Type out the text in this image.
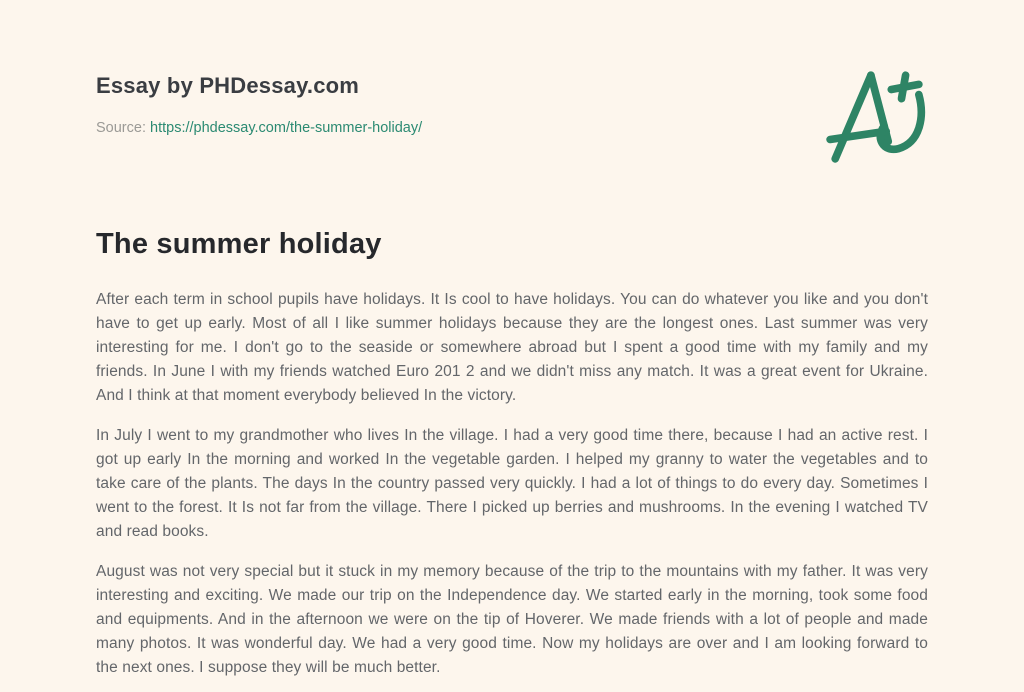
Essay by PHDessay.com

Source: https://phdessay.com/the-summer-holiday/

The summer holiday

After each term in school pupils have holidays. It Is cool to have holidays. You can do whatever you like and you don't have to get up early. Most of all I like summer holidays because they are the longest ones. Last summer was very interesting for me. I don't go to the seaside or somewhere abroad but I spent a good time with my family and my friends. In June I with my friends watched Euro 201 2 and we didn't miss any match. It was a great event for Ukraine. And I think at that moment everybody believed In the victory.

In July I went to my grandmother who lives In the village. I had a very good time there, because I had an active rest. I got up early In the morning and worked In the vegetable garden. I helped my granny to water the vegetables and to take care of the plants. The days In the country passed very quickly. I had a lot of things to do every day. Sometimes I went to the forest. It Is not far from the village. There I picked up berries and mushrooms. In the evening I watched TV and read books.

August was not very special but it stuck in my memory because of the trip to the mountains with my father. It was very interesting and exciting. We made our trip on the Independence day. We started early in the morning, took some food and equipments. And in the afternoon we were on the tip of Hoverer. We made friends with a lot of people and made many photos. It was wonderful day. We had a very good time. Now my holidays are over and I am looking forward to the next ones. I suppose they will be much better.
